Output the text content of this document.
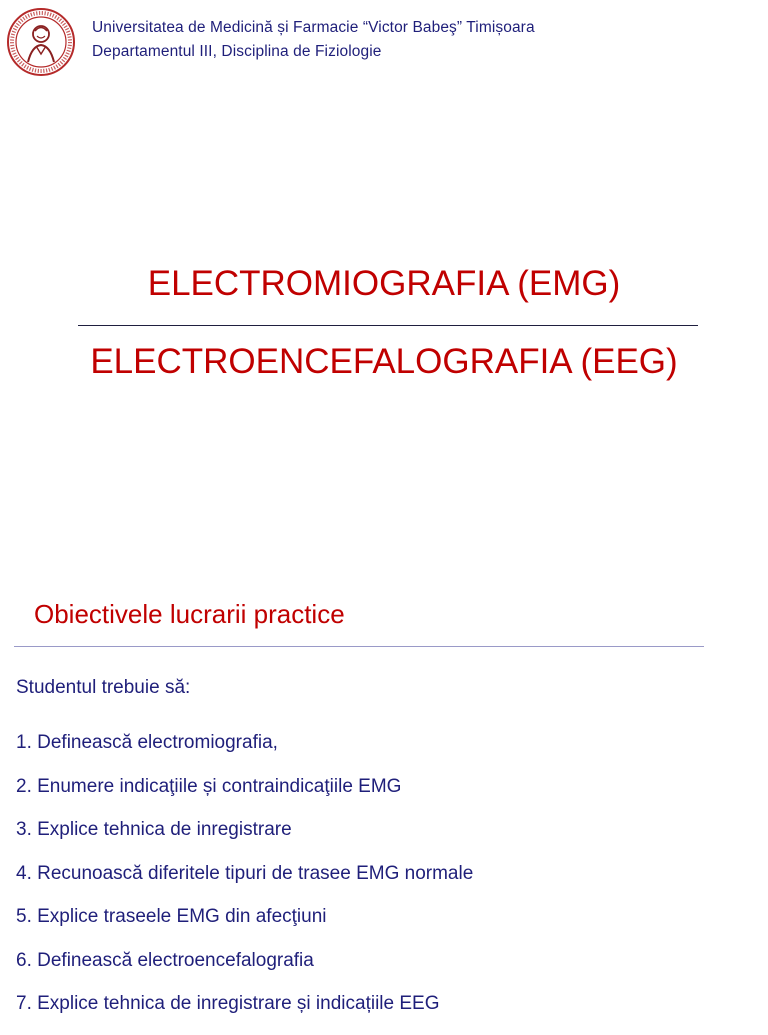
Universitatea de Medicină și Farmacie “Victor Babeş” Timișoara
Departamentul III, Disciplina de Fiziologie
ELECTROMIOGRAFIA (EMG)
ELECTROENCEFALOGRAFIA (EEG)
Obiectivele lucrarii practice
Studentul trebuie să:
1. Definească electromiografia,
2. Enumere indicaţiile și contraindicaţiile EMG
3. Explice tehnica de inregistrare
4. Recunoască diferitele tipuri de trasee EMG normale
5. Explice traseele EMG din afecţiuni
6. Definească electroencefalografia
7. Explice tehnica de inregistrare și indicațiile EEG
